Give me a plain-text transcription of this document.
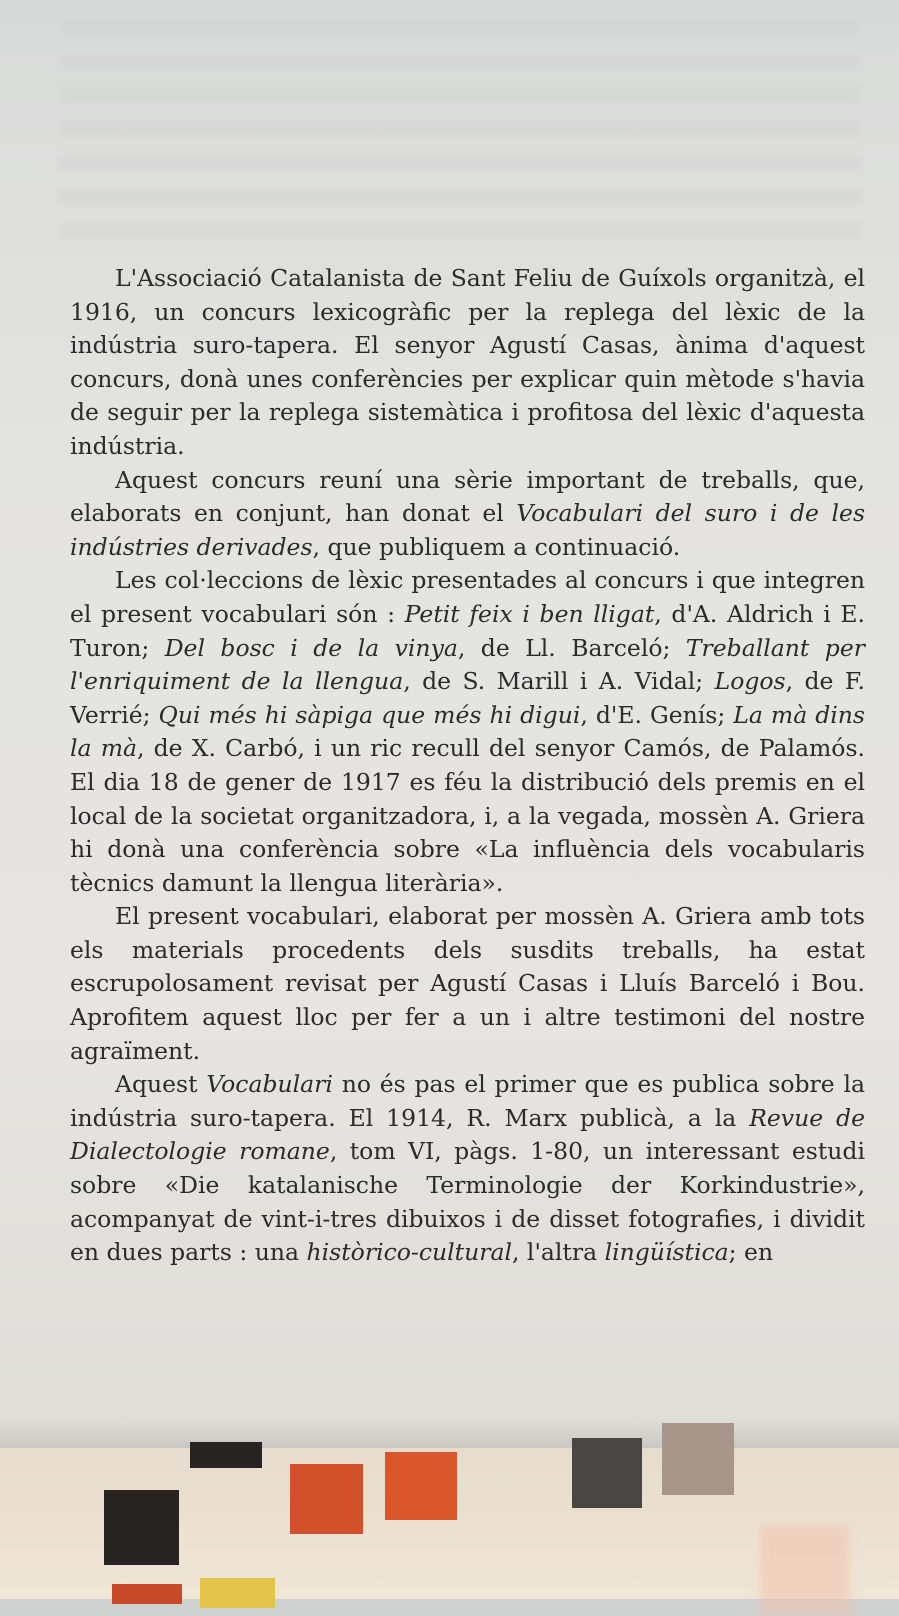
L'Associació Catalanista de Sant Feliu de Guíxols organitzà, el 1916, un concurs lexicogràfic per la replega del lèxic de la indústria suro-tapera. El senyor Agustí Casas, ànima d'aquest concurs, donà unes conferències per explicar quin mètode s'havia de seguir per la replega sistemàtica i profitosa del lèxic d'aquesta indústria.

Aquest concurs reuní una sèrie important de treballs, que, elaborats en conjunt, han donat el Vocabulari del suro i de les indústries derivades, que publiquem a continuació.

Les col·leccions de lèxic presentades al concurs i que integren el present vocabulari són : Petit feix i ben lligat, d'A. Aldrich i E. Turon; Del bosc i de la vinya, de Ll. Barceló; Treballant per l'enriquiment de la llengua, de S. Marill i A. Vidal; Logos, de F. Verrié; Qui més hi sàpiga que més hi digui, d'E. Genís; La mà dins la mà, de X. Carbó, i un ric recull del senyor Camós, de Palamós. El dia 18 de gener de 1917 es féu la distribució dels premis en el local de la societat organitzadora, i, a la vegada, mossèn A. Griera hi donà una conferència sobre «La influència dels vocabularis tècnics damunt la llengua literària».

El present vocabulari, elaborat per mossèn A. Griera amb tots els materials procedents dels susdits treballs, ha estat escrupolosament revisat per Agustí Casas i Lluís Barceló i Bou. Aprofitem aquest lloc per fer a un i altre testimoni del nostre agraïment.

Aquest Vocabulari no és pas el primer que es publica sobre la indústria suro-tapera. El 1914, R. Marx publicà, a la Revue de Dialectologie romane, tom VI, pàgs. 1-80, un interessant estudi sobre «Die katalanische Terminologie der Korkindustrie», acompanyat de vint-i-tres dibuixos i de disset fotografies, i dividit en dues parts : una històrico-cultural, l'altra lingüística; en
